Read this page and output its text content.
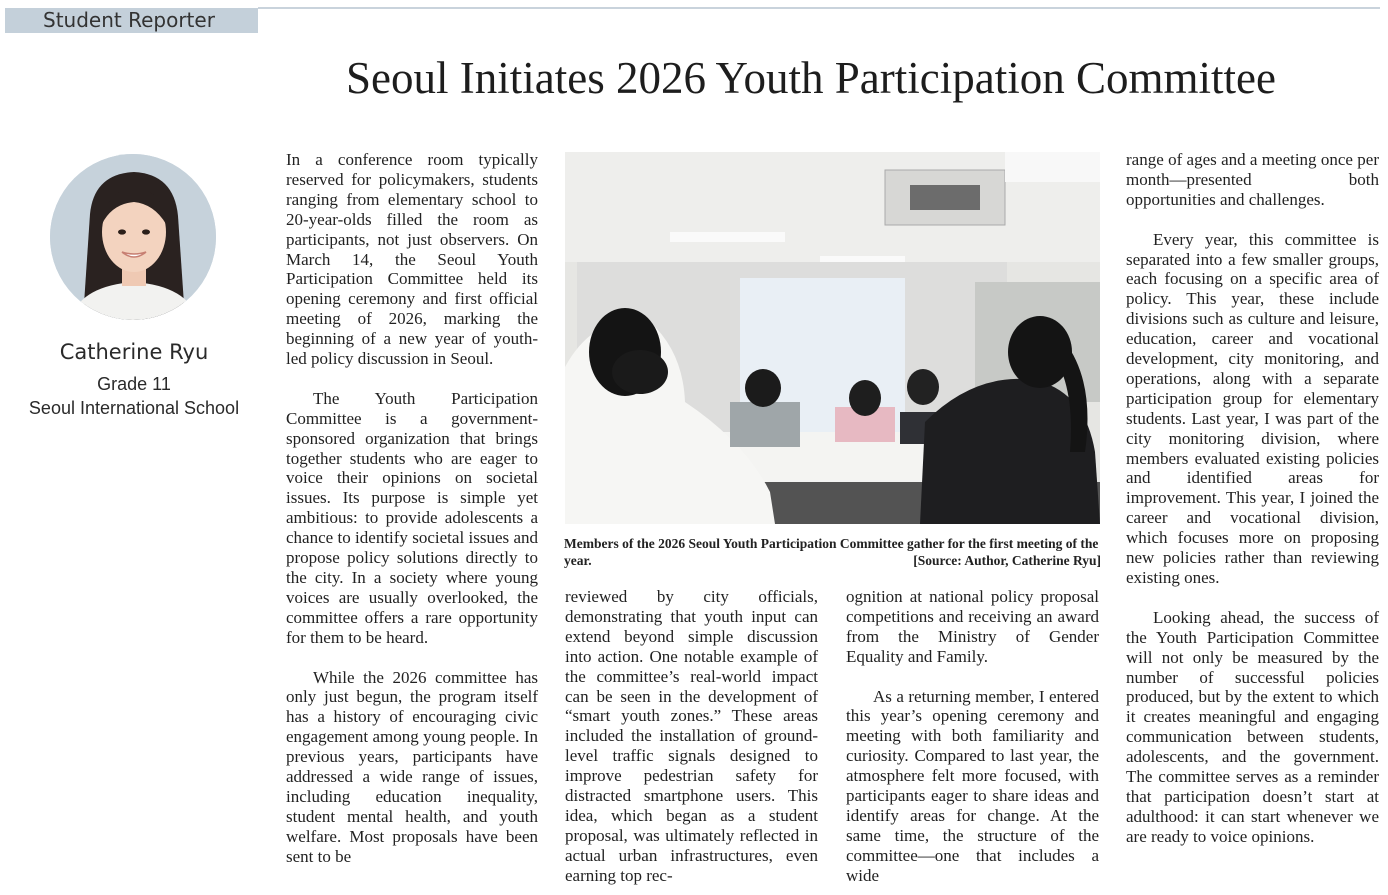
Student Reporter
Seoul Initiates 2026 Youth Participation Committee
Catherine Ryu
Grade 11
Seoul International School

In a conference room typically reserved for policymakers, students ranging from elementary school to 20-year-olds filled the room as participants, not just observers. On March 14, the Seoul Youth Participation Committee held its opening ceremony and first official meeting of 2026, marking the beginning of a new year of youth-led policy discussion in Seoul.

The Youth Participation Committee is a government-sponsored organization that brings together students who are eager to voice their opinions on societal issues. Its purpose is simple yet ambitious: to provide adolescents a chance to identify societal issues and propose policy solutions directly to the city. In a society where young voices are usually overlooked, the committee offers a rare opportunity for them to be heard.

While the 2026 committee has only just begun, the program itself has a history of encouraging civic engagement among young people. In previous years, participants have addressed a wide range of issues, including education inequality, student mental health, and youth welfare. Most proposals have been sent to be

Members of the 2026 Seoul Youth Participation Committee gather for the first meeting of the year.	[Source: Author, Catherine Ryu]

reviewed by city officials, demonstrating that youth input can extend beyond simple discussion into action. One notable example of the committee’s real-world impact can be seen in the development of “smart youth zones.” These areas included the installation of ground-level traffic signals designed to improve pedestrian safety for distracted smartphone users. This idea, which began as a student proposal, was ultimately reflected in actual urban infrastructures, even earning top rec-

ognition at national policy proposal competitions and receiving an award from the Ministry of Gender Equality and Family.

As a returning member, I entered this year’s opening ceremony and meeting with both familiarity and curiosity. Compared to last year, the atmosphere felt more focused, with participants eager to share ideas and identify areas for change. At the same time, the structure of the committee—one that includes a wide

range of ages and a meeting once per month—presented both opportunities and challenges.

Every year, this committee is separated into a few smaller groups, each focusing on a specific area of policy. This year, these include divisions such as culture and leisure, education, career and vocational development, city monitoring, and operations, along with a separate participation group for elementary students. Last year, I was part of the city monitoring division, where members evaluated existing policies and identified areas for improvement. This year, I joined the career and vocational division, which focuses more on proposing new policies rather than reviewing existing ones.

Looking ahead, the success of the Youth Participation Committee will not only be measured by the number of successful policies produced, but by the extent to which it creates meaningful and engaging communication between students, adolescents, and the government. The committee serves as a reminder that participation doesn’t start at adulthood: it can start whenever we are ready to voice opinions.
